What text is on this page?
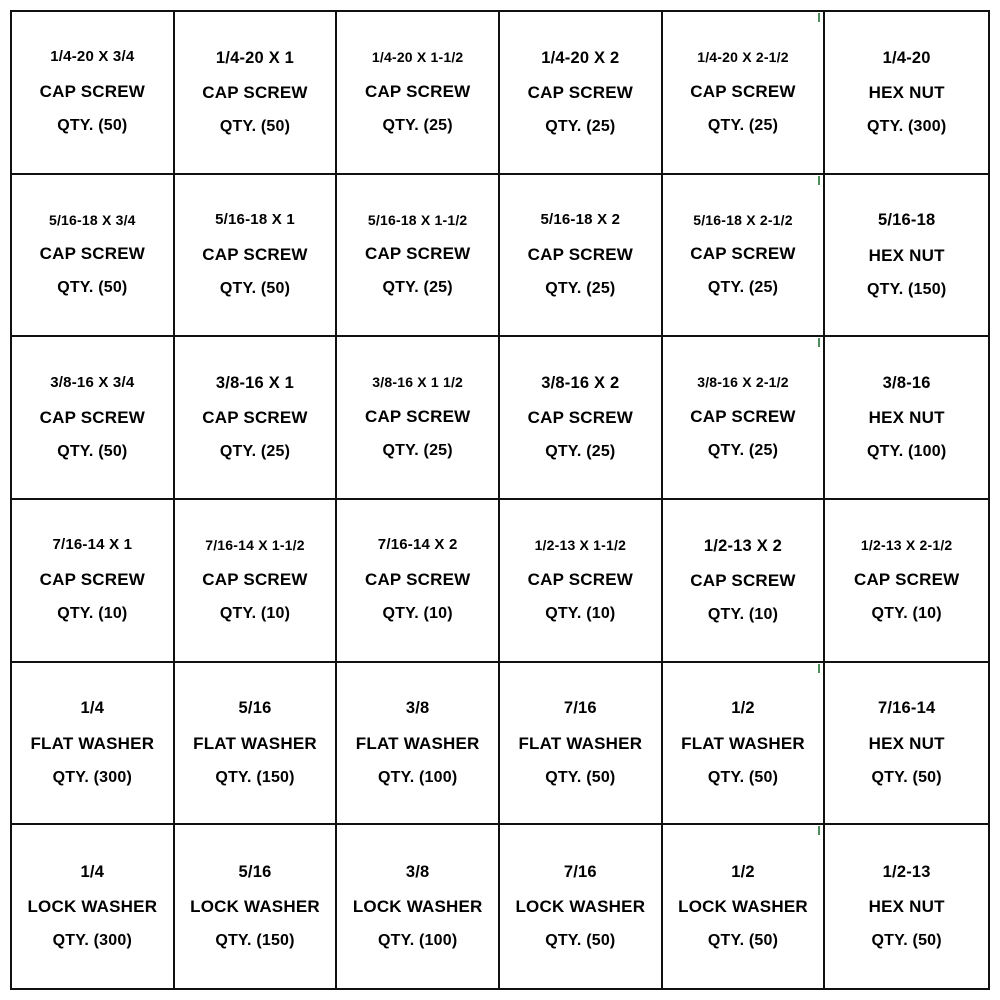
1/4-20 X 3/4
CAP SCREW
QTY. (50)
1/4-20 X 1
CAP SCREW
QTY. (50)
1/4-20 X 1-1/2
CAP SCREW
QTY. (25)
1/4-20 X 2
CAP SCREW
QTY. (25)
1/4-20 X 2-1/2
CAP SCREW
QTY. (25)
1/4-20
HEX NUT
QTY. (300)
5/16-18 X 3/4
CAP SCREW
QTY. (50)
5/16-18 X 1
CAP SCREW
QTY. (50)
5/16-18 X 1-1/2
CAP SCREW
QTY. (25)
5/16-18 X 2
CAP SCREW
QTY. (25)
5/16-18 X 2-1/2
CAP SCREW
QTY. (25)
5/16-18
HEX NUT
QTY. (150)
3/8-16 X 3/4
CAP SCREW
QTY. (50)
3/8-16 X 1
CAP SCREW
QTY. (25)
3/8-16 X 1 1/2
CAP SCREW
QTY. (25)
3/8-16 X 2
CAP SCREW
QTY. (25)
3/8-16 X 2-1/2
CAP SCREW
QTY. (25)
3/8-16
HEX NUT
QTY. (100)
7/16-14 X 1
CAP SCREW
QTY. (10)
7/16-14 X 1-1/2
CAP SCREW
QTY. (10)
7/16-14 X 2
CAP SCREW
QTY. (10)
1/2-13 X 1-1/2
CAP SCREW
QTY. (10)
1/2-13 X 2
CAP SCREW
QTY. (10)
1/2-13 X 2-1/2
CAP SCREW
QTY. (10)
1/4
FLAT WASHER
QTY. (300)
5/16
FLAT WASHER
QTY. (150)
3/8
FLAT WASHER
QTY. (100)
7/16
FLAT WASHER
QTY. (50)
1/2
FLAT WASHER
QTY. (50)
7/16-14
HEX NUT
QTY. (50)
1/4
LOCK WASHER
QTY. (300)
5/16
LOCK WASHER
QTY. (150)
3/8
LOCK WASHER
QTY. (100)
7/16
LOCK WASHER
QTY. (50)
1/2
LOCK WASHER
QTY. (50)
1/2-13
HEX NUT
QTY. (50)
